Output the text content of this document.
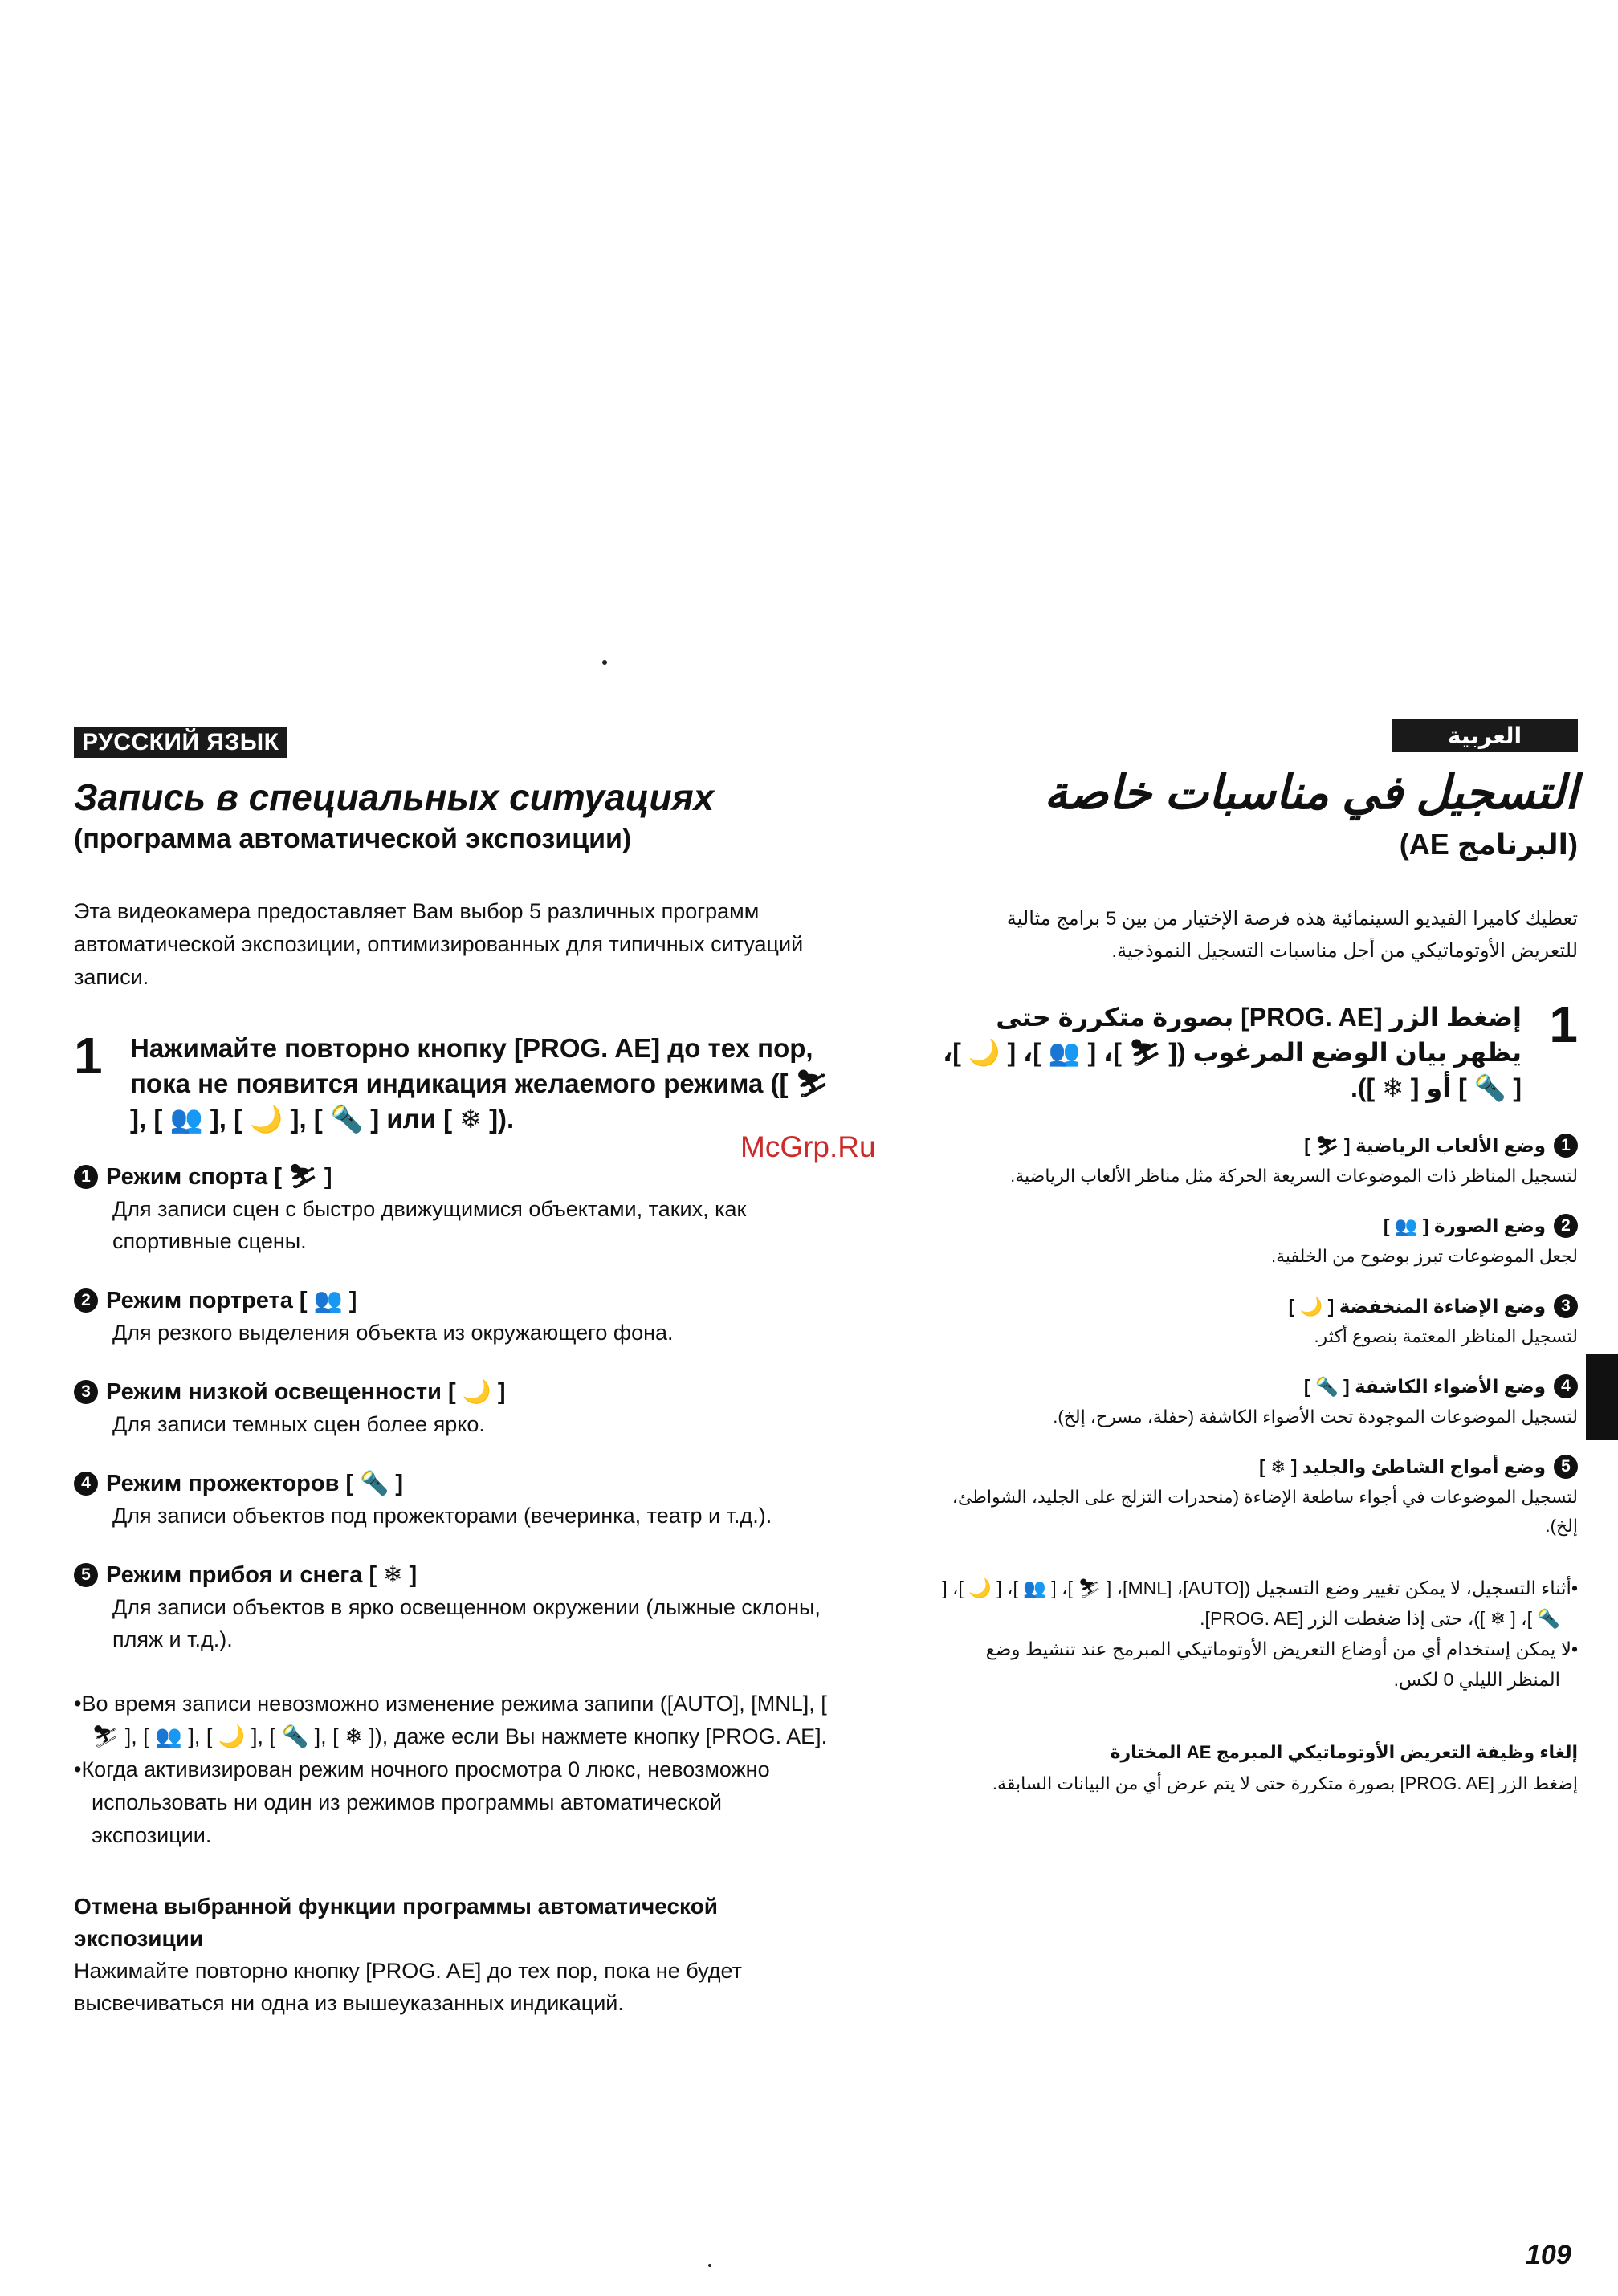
РУССКИЙ ЯЗЫК
Запись в специальных ситуациях
(программа автоматической экспозиции)

Эта видеокамера предоставляет Вам выбор 5 различных программ автоматической экспозиции, оптимизированных для типичных ситуаций записи.

1 Нажимайте повторно кнопку [PROG. AE] до тех пор, пока не появится индикация желаемого режима ([ ⛷ ], [ 👥 ], [ 🌙 ], [ 🔦 ] или [ ❄ ]).
1 Режим спорта [ ⛷ ]
Для записи сцен с быстро движущимися объектами, таких, как спортивные сцены.
2 Режим портрета [ 👥 ]
Для резкого выделения объекта из окружающего фона.
3 Режим низкой освещенности [ 🌙 ]
Для записи темных сцен более ярко.
4 Режим прожекторов [ 🔦 ]
Для записи объектов под прожекторами (вечеринка, театр и т.д.).
5 Режим прибоя и снега [ ❄ ]
Для записи объектов в ярко освещенном окружении (лыжные склоны, пляж и т.д.).
•Во время записи невозможно изменение режима запипи ([AUTO], [MNL], [ ⛷ ], [ 👥 ], [ 🌙 ], [ 🔦 ], [ ❄ ]), даже если Вы нажмете кнопку [PROG. AE].
•Когда активизирован режим ночного просмотра 0 люкс, невозможно использовать ни один из режимов программы автоматической экспозиции.
Отмена выбранной функции программы автоматической экспозиции
Нажимайте повторно кнопку [PROG. AE] до тех пор, пока не будет высвечиваться ни одна из вышеуказанных индикаций.
العربية
التسجيل في مناسبات خاصة
(البرنامج AE)

تعطيك كاميرا الفيديو السينمائية هذه فرصة الإختيار من بين 5 برامج مثالية للتعريض الأوتوماتيكي من أجل مناسبات التسجيل النموذجية.

1
إضغط الزر [PROG. AE] بصورة متكررة حتى يظهر بيان الوضع المرغوب ([ ⛷ ]، [ 👥 ]، [ 🌙 ]، [ 🔦 ] أو [ ❄ ]).
1
وضع الألعاب الرياضية [ ⛷ ]
لتسجيل المناظر ذات الموضوعات السريعة الحركة مثل مناظر الألعاب الرياضية.
2
وضع الصورة [ 👥 ]
لجعل الموضوعات تبرز بوضوح من الخلفية.
3
وضع الإضاءة المنخفضة [ 🌙 ]
لتسجيل المناظر المعتمة بنصوع أكثر.
4
وضع الأضواء الكاشفة [ 🔦 ]
لتسجيل الموضوعات الموجودة تحت الأضواء الكاشفة (حفلة، مسرح، إلخ).
5
وضع أمواج الشاطئ والجليد [ ❄ ]
لتسجيل الموضوعات في أجواء ساطعة الإضاءة (منحدرات التزلج على الجليد، الشواطئ، إلخ).
•أثناء التسجيل، لا يمكن تغيير وضع التسجيل ([AUTO]، [MNL]، [ ⛷ ]، [ 👥 ]، [ 🌙 ]، [ 🔦 ]، [ ❄ ])، حتى إذا ضغطت الزر [PROG. AE].
•لا يمكن إستخدام أي من أوضاع التعريض الأوتوماتيكي المبرمج عند تنشيط وضع المنظر الليلي 0 لكس.
إلغاء وظيفة التعريض الأوتوماتيكي المبرمج AE المختارة
إضغط الزر [PROG. AE] بصورة متكررة حتى لا يتم عرض أي من البيانات السابقة.
McGrp.Ru
109
